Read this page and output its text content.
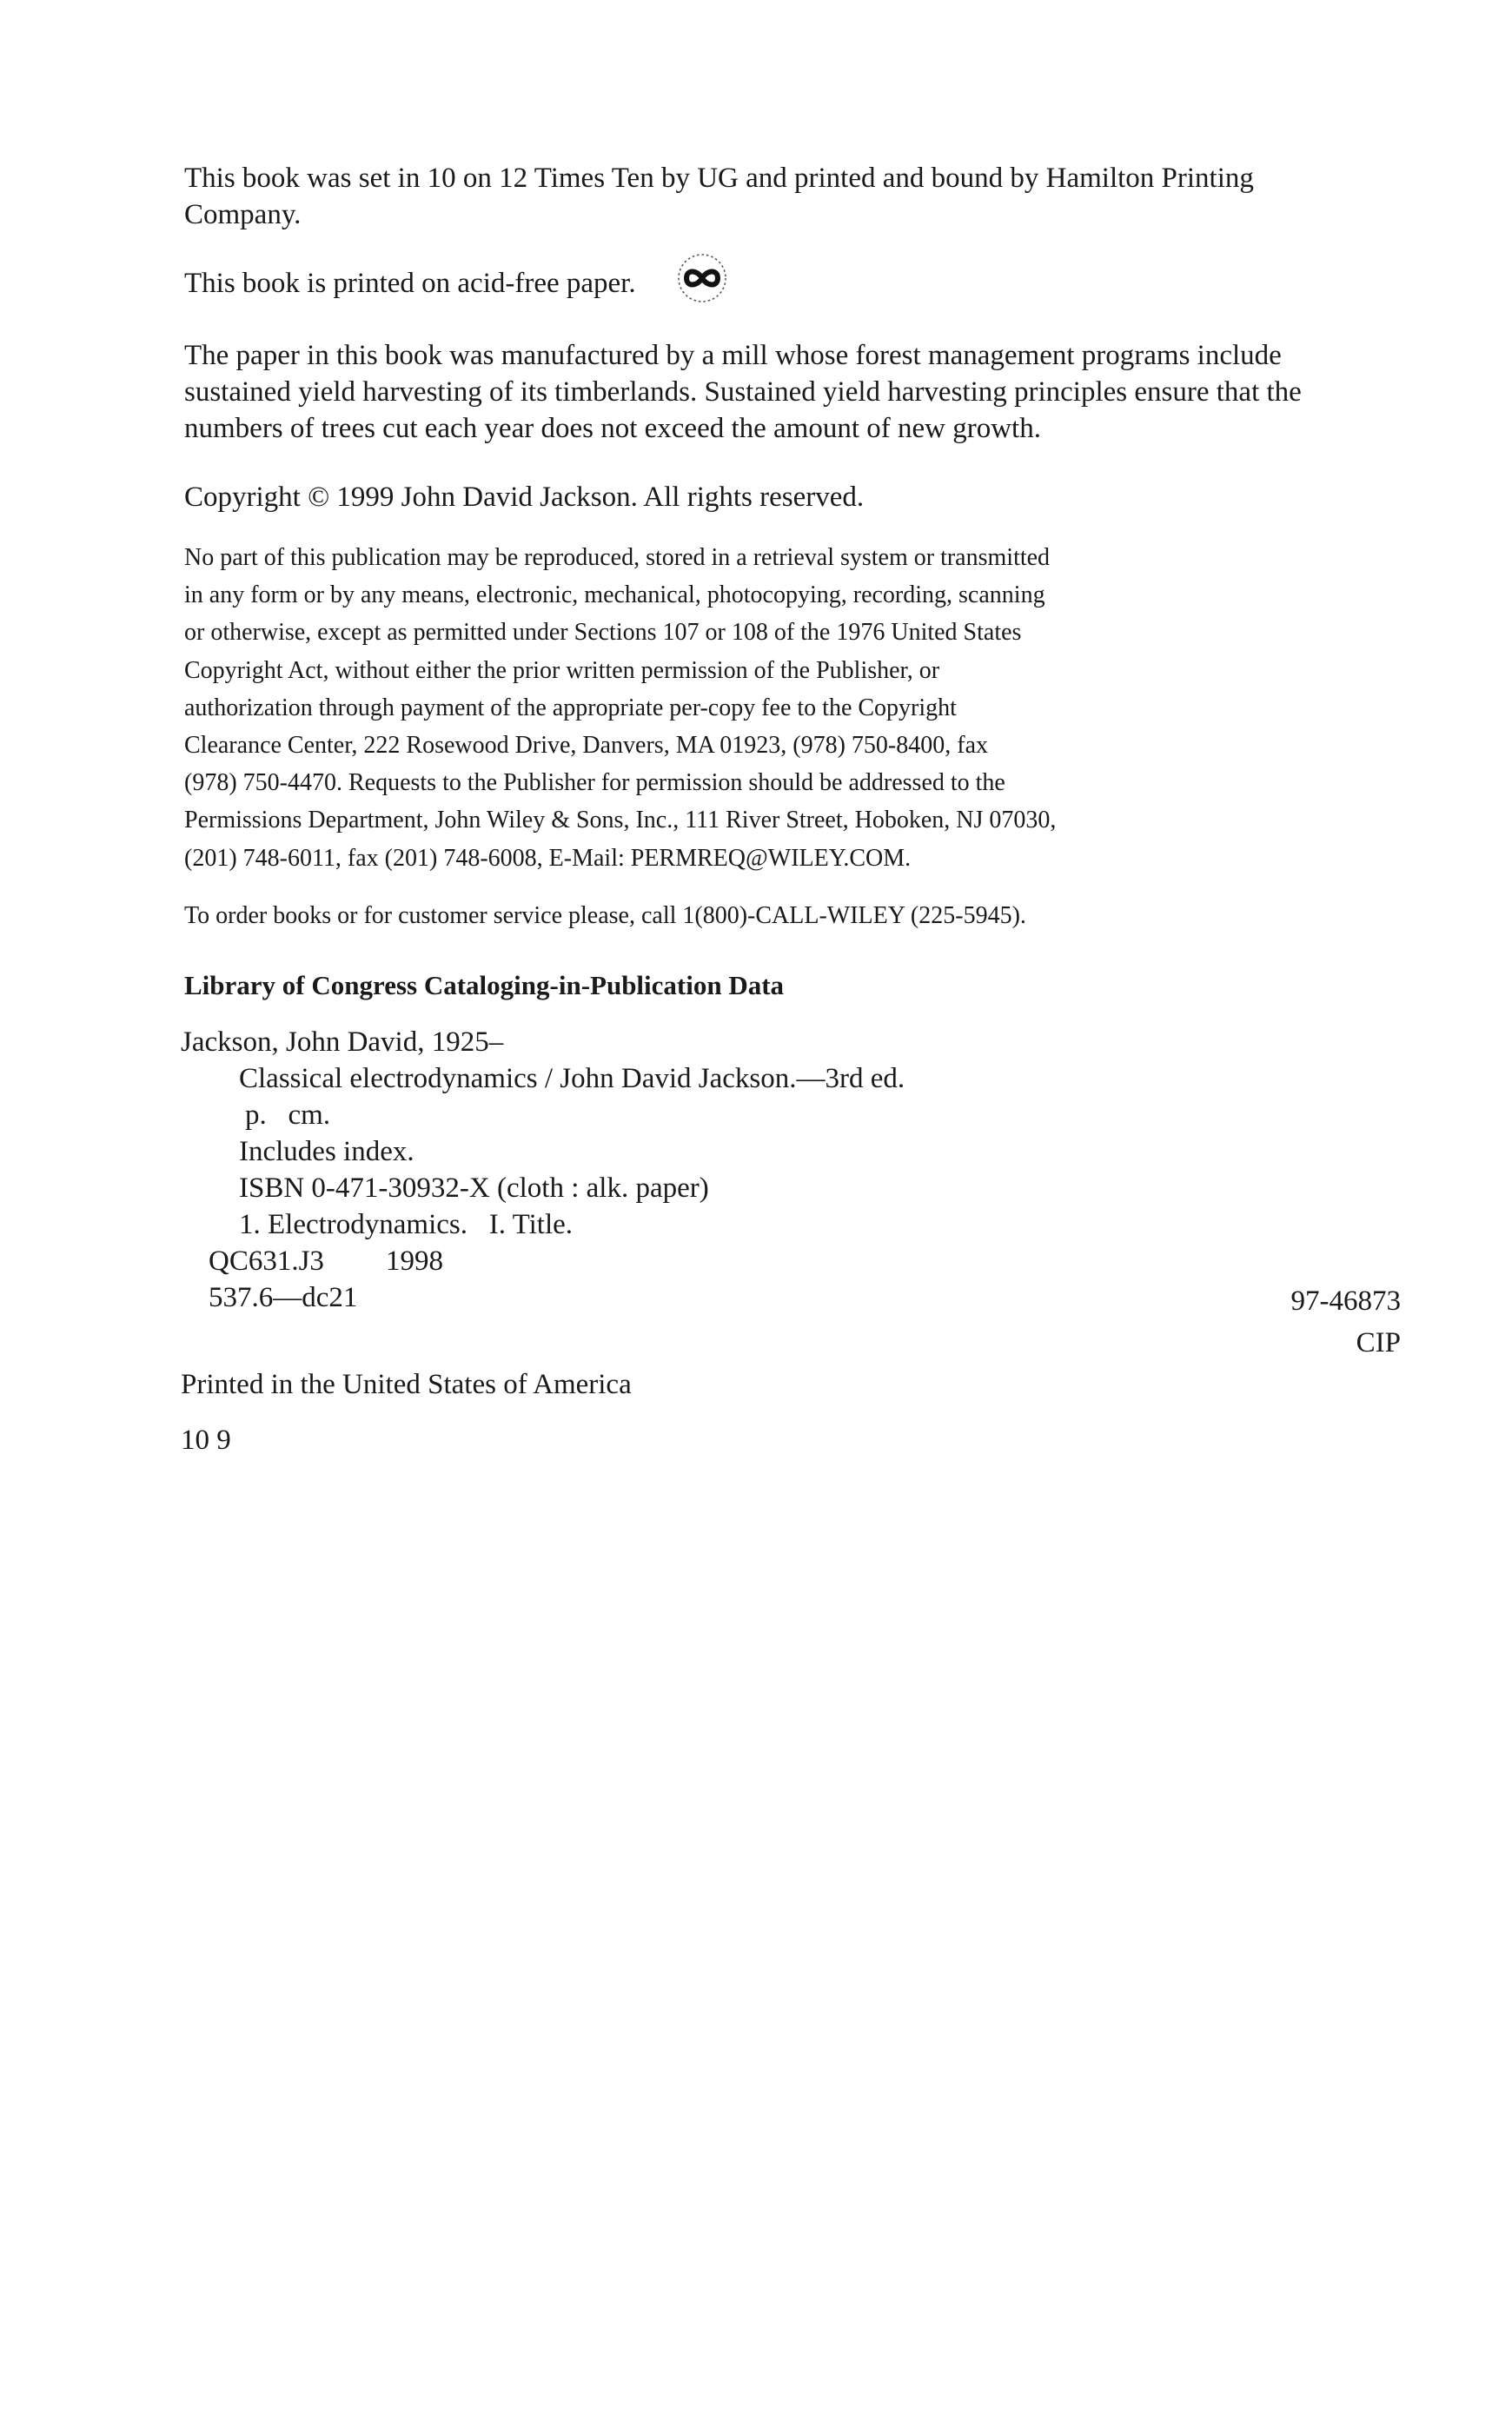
This book was set in 10 on 12 Times Ten by UG and printed and bound by Hamilton Printing
Company.

This book is printed on acid-free paper.

The paper in this book was manufactured by a mill whose forest management programs include
sustained yield harvesting of its timberlands. Sustained yield harvesting principles ensure that the
numbers of trees cut each year does not exceed the amount of new growth.

Copyright © 1999 John David Jackson. All rights reserved.

No part of this publication may be reproduced, stored in a retrieval system or transmitted
in any form or by any means, electronic, mechanical, photocopying, recording, scanning
or otherwise, except as permitted under Sections 107 or 108 of the 1976 United States
Copyright Act, without either the prior written permission of the Publisher, or
authorization through payment of the appropriate per-copy fee to the Copyright
Clearance Center, 222 Rosewood Drive, Danvers, MA 01923, (978) 750-8400, fax
(978) 750-4470. Requests to the Publisher for permission should be addressed to the
Permissions Department, John Wiley & Sons, Inc., 111 River Street, Hoboken, NJ 07030,
(201) 748-6011, fax (201) 748-6008, E-Mail: PERMREQ@WILEY.COM.

To order books or for customer service please, call 1(800)-CALL-WILEY (225-5945).

Library of Congress Cataloging-in-Publication Data

Jackson, John David, 1925–
Classical electrodynamics / John David Jackson.—3rd ed.
p.   cm.
Includes index.
ISBN 0-471-30932-X (cloth : alk. paper)
1. Electrodynamics.   I. Title.
QC631.J3 1998
537.6—dc21	97-46873
CIP

Printed in the United States of America

10 9
